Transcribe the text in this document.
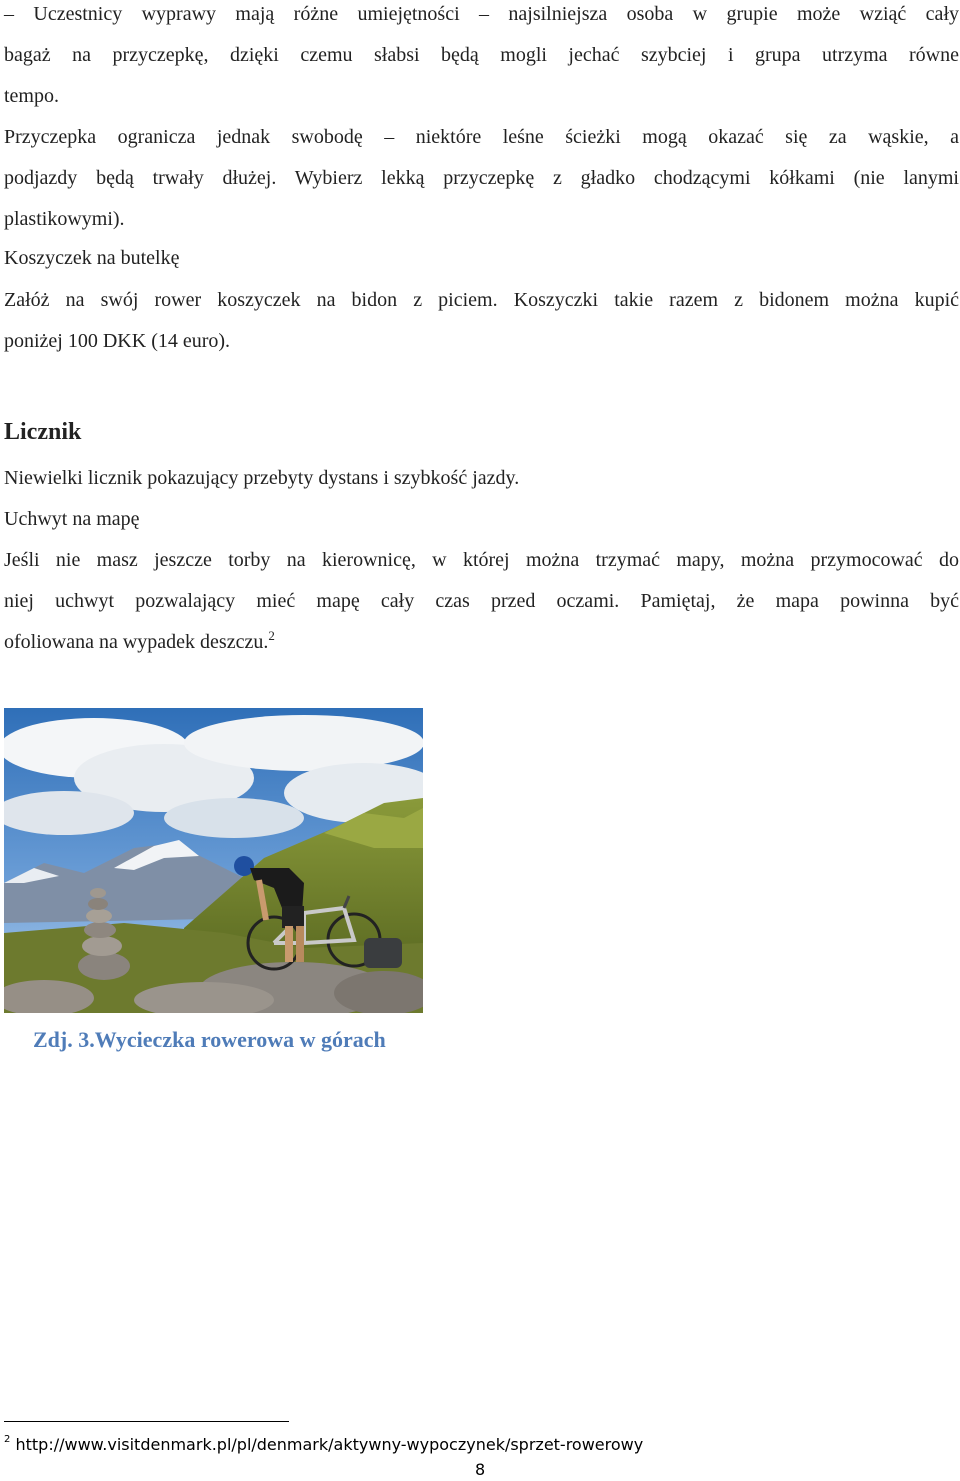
– Uczestnicy wyprawy mają różne umiejętności – najsilniejsza osoba w grupie może wziąć cały
bagaż na przyczepkę, dzięki czemu słabsi będą mogli jechać szybciej i grupa utrzyma równe
tempo.
Przyczepka ogranicza jednak swobodę – niektóre leśne ścieżki mogą okazać się za wąskie, a
podjazdy będą trwały dłużej. Wybierz lekką przyczepkę z gładko chodzącymi kółkami (nie lanymi
plastikowymi).
Koszyczek na butelkę
Załóż na swój rower koszyczek na bidon z piciem. Koszyczki takie razem z bidonem można kupić
poniżej 100 DKK (14 euro).
Licznik
Niewielki licznik pokazujący przebyty dystans i szybkość jazdy.
Uchwyt na mapę
Jeśli nie masz jeszcze torby na kierownicę, w której można trzymać mapy, można przymocować do
niej uchwyt pozwalający mieć mapę cały czas przed oczami. Pamiętaj, że mapa powinna być
ofoliowana na wypadek deszczu.$^2$
Zdj. 3.Wycieczka rowerowa w górach
$^2$ http://www.visitdenmark.pl/pl/denmark/aktywny-wypoczynek/sprzet-rowerowy
8
